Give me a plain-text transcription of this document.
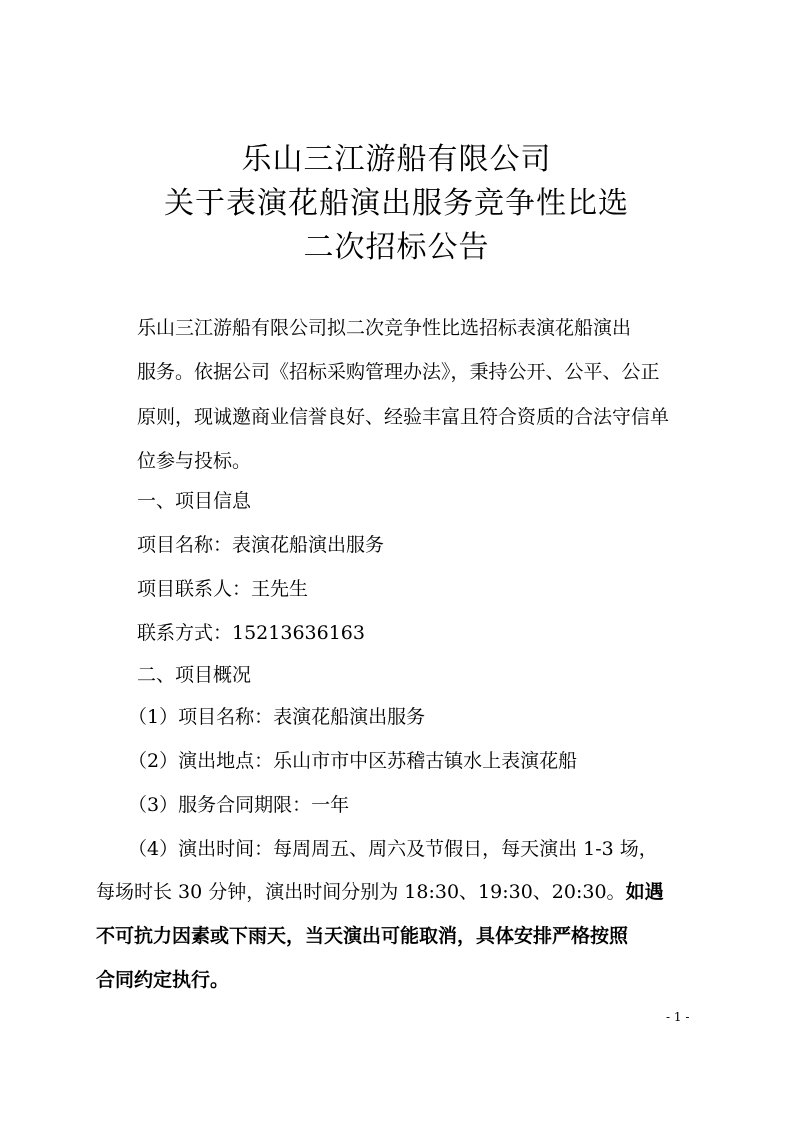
乐山三江游船有限公司
关于表演花船演出服务竞争性比选
二次招标公告
乐山三江游船有限公司拟二次竞争性比选招标表演花船演出
服务。依据公司《招标采购管理办法》，秉持公开、公平、公正
原则，现诚邀商业信誉良好、经验丰富且符合资质的合法守信单
位参与投标。
一、项目信息
项目名称：表演花船演出服务
项目联系人：王先生
联系方式：15213636163
二、项目概况
（1）项目名称：表演花船演出服务
（2）演出地点：乐山市市中区苏稽古镇水上表演花船
（3）服务合同期限：一年
（4）演出时间：每周周五、周六及节假日，每天演出 1-3 场，
每场时长 30 分钟，演出时间分别为 18:30、19:30、20:30。如遇
不可抗力因素或下雨天，当天演出可能取消，具体安排严格按照
合同约定执行。
- 1 -
